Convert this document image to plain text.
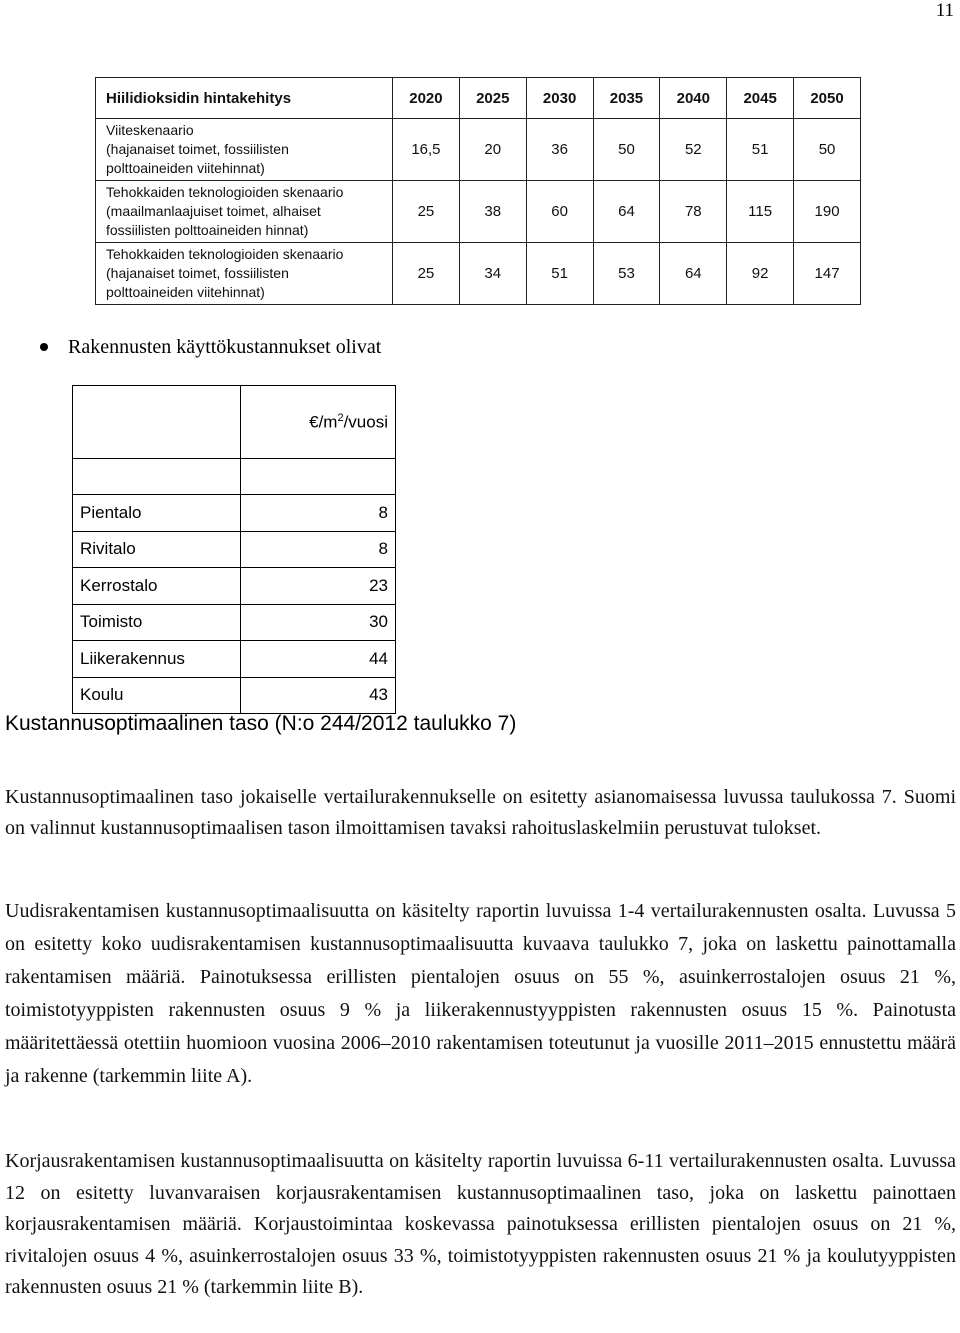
11
Hiilidioksidin hintakehitys	2020	2025	2030	2035	2040	2045	2050

Viiteskenaario
(hajanaiset toimet, fossiilisten
polttoaineiden viitehinnat)	16,5	20	36	50	52	51	50

Tehokkaiden teknologioiden skenaario
(maailmanlaajuiset toimet, alhaiset
fossiilisten polttoaineiden hinnat)	25	38	60	64	78	115	190

Tehokkaiden teknologioiden skenaario
(hajanaiset toimet, fossiilisten
polttoaineiden viitehinnat)	25	34	51	53	64	92	147
Rakennusten käyttökustannukset olivat
	$€/m^2$/vuosi

Pientalo	8
Rivitalo	8
Kerrostalo	23
Toimisto	30
Liikerakennus	44
Koulu	43
Kustannusoptimaalinen taso (N:o 244/2012 taulukko 7)

Kustannusoptimaalinen taso jokaiselle vertailurakennukselle on esitetty asianomaisessa luvussa taulukossa 7. Suomi on valinnut kustannusoptimaalisen tason ilmoittamisen tavaksi rahoituslaskelmiin perustuvat tulokset.

Uudisrakentamisen kustannusoptimaalisuutta on käsitelty raportin luvuissa 1-4 vertailurakennusten osalta. Luvussa 5 on esitetty koko uudisrakentamisen kustannusoptimaalisuutta kuvaava taulukko 7, joka on laskettu painottamalla rakentamisen määriä. Painotuksessa erillisten pientalojen osuus on 55 %, asuinkerrostalojen osuus 21 %, toimistotyyppisten rakennusten osuus 9 % ja liikerakennustyyppisten rakennusten osuus 15 %. Painotusta määritettäessä otettiin huomioon vuosina 2006–2010 rakentamisen toteutunut ja vuosille 2011–2015 ennustettu määrä ja rakenne (tarkemmin liite A).

Korjausrakentamisen kustannusoptimaalisuutta on käsitelty raportin luvuissa 6-11 vertailurakennusten osalta. Luvussa 12 on esitetty luvanvaraisen korjausrakentamisen kustannusoptimaalinen taso, joka on laskettu painottaen korjausrakentamisen määriä. Korjaustoimintaa koskevassa painotuksessa erillisten pientalojen osuus on 21 %, rivitalojen osuus 4 %, asuinkerrostalojen osuus 33 %, toimistotyyppisten rakennusten osuus 21 % ja koulutyyppisten rakennusten osuus 21 % (tarkemmin liite B).
